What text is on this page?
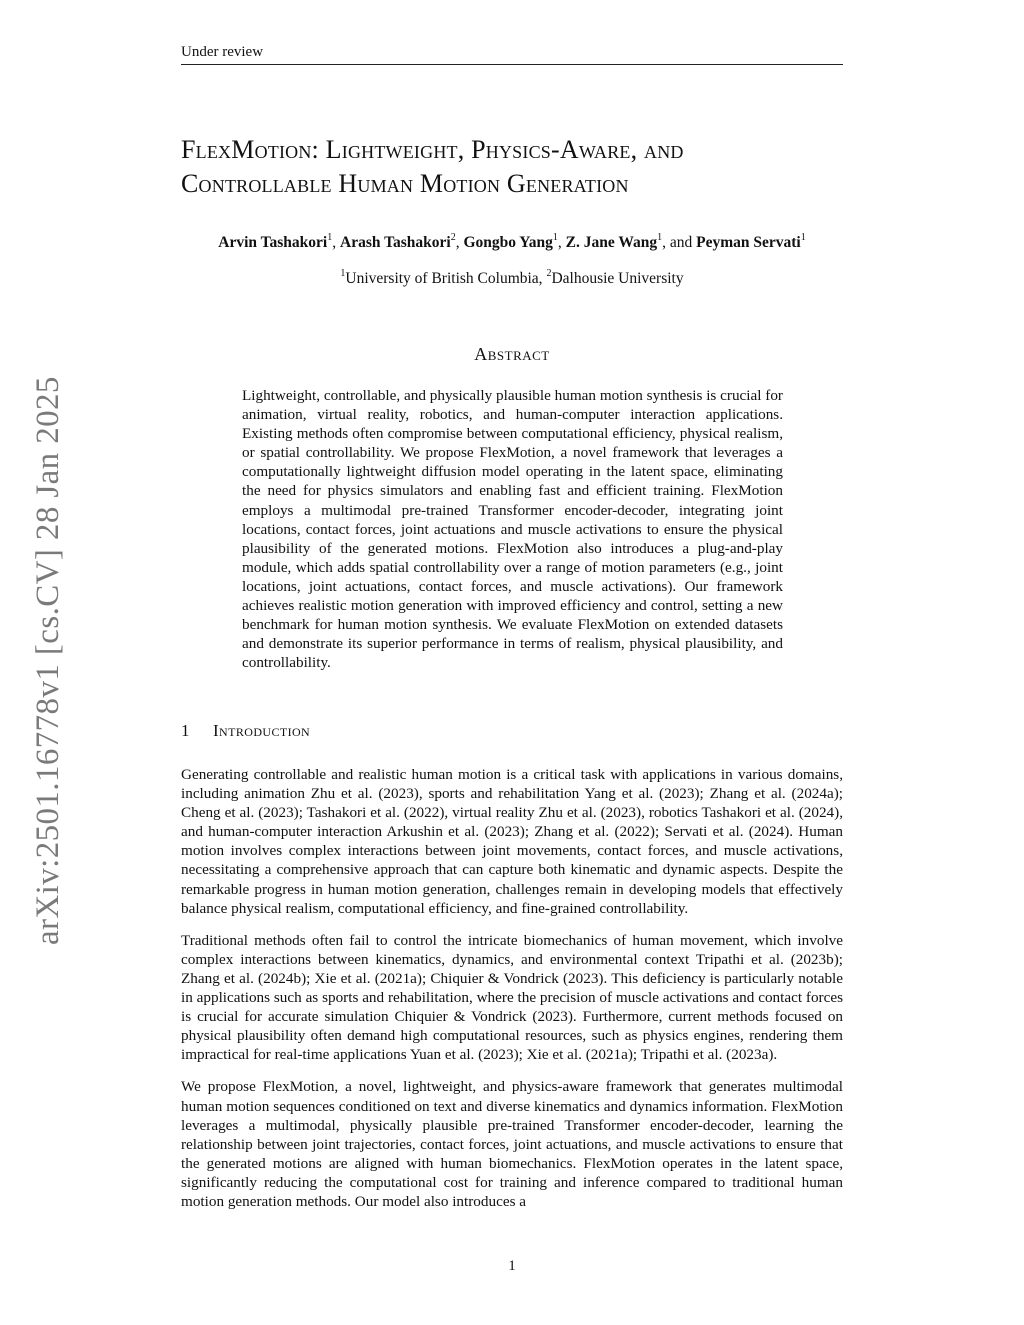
Under review
arXiv:2501.16778v1 [cs.CV] 28 Jan 2025
FlexMotion: Lightweight, Physics-Aware, and
Controllable Human Motion Generation
Arvin Tashakori$^1$, Arash Tashakori$^2$, Gongbo Yang$^1$, Z. Jane Wang$^1$, and Peyman Servati$^1$
$^1$University of British Columbia, $^2$Dalhousie University
Abstract
Lightweight, controllable, and physically plausible human motion synthesis is crucial for animation, virtual reality, robotics, and human-computer interaction applications. Existing methods often compromise between computational efficiency, physical realism, or spatial controllability. We propose FlexMotion, a novel framework that leverages a computationally lightweight diffusion model operating in the latent space, eliminating the need for physics simulators and enabling fast and efficient training. FlexMotion employs a multimodal pre-trained Transformer encoder-decoder, integrating joint locations, contact forces, joint actuations and muscle activations to ensure the physical plausibility of the generated motions. FlexMotion also introduces a plug-and-play module, which adds spatial controllability over a range of motion parameters (e.g., joint locations, joint actuations, contact forces, and muscle activations). Our framework achieves realistic motion generation with improved efficiency and control, setting a new benchmark for human motion synthesis. We evaluate FlexMotion on extended datasets and demonstrate its superior performance in terms of realism, physical plausibility, and controllability.
1 Introduction

Generating controllable and realistic human motion is a critical task with applications in various domains, including animation Zhu et al. (2023), sports and rehabilitation Yang et al. (2023); Zhang et al. (2024a); Cheng et al. (2023); Tashakori et al. (2022), virtual reality Zhu et al. (2023), robotics Tashakori et al. (2024), and human-computer interaction Arkushin et al. (2023); Zhang et al. (2022); Servati et al. (2024). Human motion involves complex interactions between joint movements, contact forces, and muscle activations, necessitating a comprehensive approach that can capture both kinematic and dynamic aspects. Despite the remarkable progress in human motion generation, challenges remain in developing models that effectively balance physical realism, computational efficiency, and fine-grained controllability.

Traditional methods often fail to control the intricate biomechanics of human movement, which involve complex interactions between kinematics, dynamics, and environmental context Tripathi et al. (2023b); Zhang et al. (2024b); Xie et al. (2021a); Chiquier & Vondrick (2023). This deficiency is particularly notable in applications such as sports and rehabilitation, where the precision of muscle activations and contact forces is crucial for accurate simulation Chiquier & Vondrick (2023). Furthermore, current methods focused on physical plausibility often demand high computational resources, such as physics engines, rendering them impractical for real-time applications Yuan et al. (2023); Xie et al. (2021a); Tripathi et al. (2023a).

We propose FlexMotion, a novel, lightweight, and physics-aware framework that generates multimodal human motion sequences conditioned on text and diverse kinematics and dynamics information. FlexMotion leverages a multimodal, physically plausible pre-trained Transformer encoder-decoder, learning the relationship between joint trajectories, contact forces, joint actuations, and muscle activations to ensure that the generated motions are aligned with human biomechanics. FlexMotion operates in the latent space, significantly reducing the computational cost for training and inference compared to traditional human motion generation methods. Our model also introduces a

1
